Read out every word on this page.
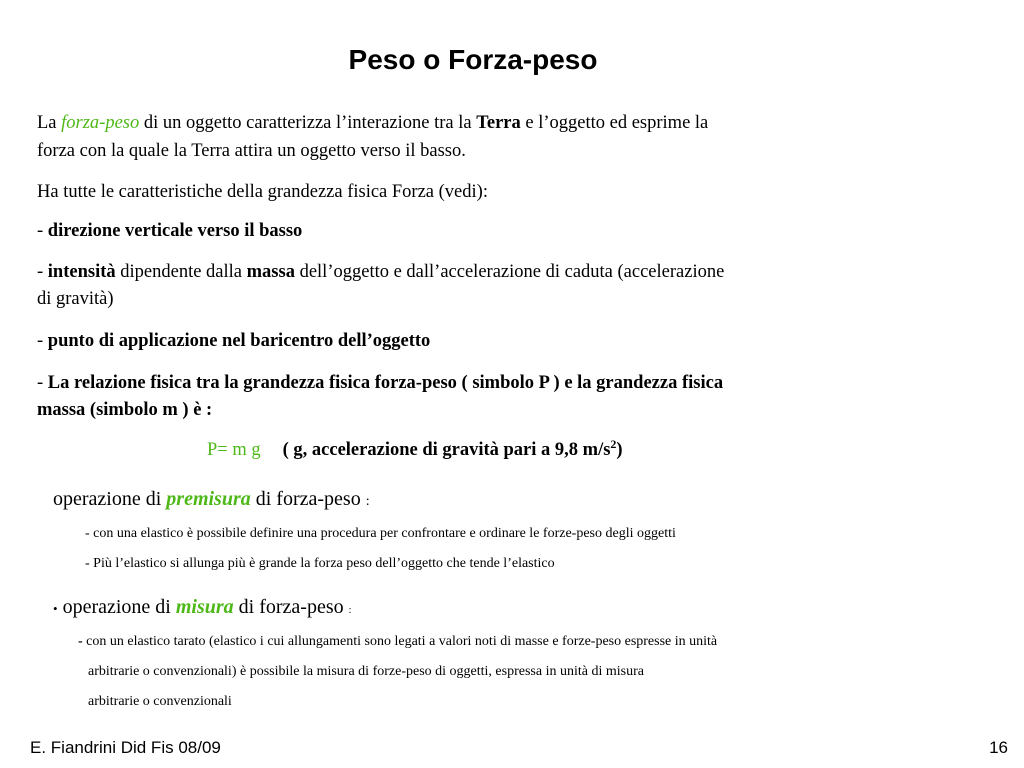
Peso o Forza-peso
La forza-peso di un oggetto caratterizza l’interazione tra la Terra e l’oggetto ed esprime la
forza con la quale la Terra attira un oggetto verso il basso.
Ha tutte le caratteristiche della grandezza fisica Forza (vedi):
- direzione verticale verso il basso
- intensità dipendente dalla massa dell’oggetto e dall’accelerazione di caduta (accelerazione
di gravità)
- punto di applicazione nel baricentro dell’oggetto
- La relazione fisica tra la grandezza fisica forza-peso ( simbolo P ) e la grandezza fisica
massa (simbolo m ) è :
P= m g ( g, accelerazione di gravità pari a 9,8 $m/s^2$)
operazione di premisura di forza-peso :
- con una elastico è possibile definire una procedura per confrontare e ordinare le forze-peso degli oggetti
- Più l’elastico si allunga più è grande la forza peso dell’oggetto che tende l’elastico
• operazione di misura di forza-peso :
- con un elastico tarato (elastico i cui allungamenti sono legati a valori noti di masse e forze-peso espresse in unità
arbitrarie o convenzionali) è possibile la misura di forze-peso di oggetti, espressa in unità di misura
arbitrarie o convenzionali
E. Fiandrini Did Fis 08/09	16
